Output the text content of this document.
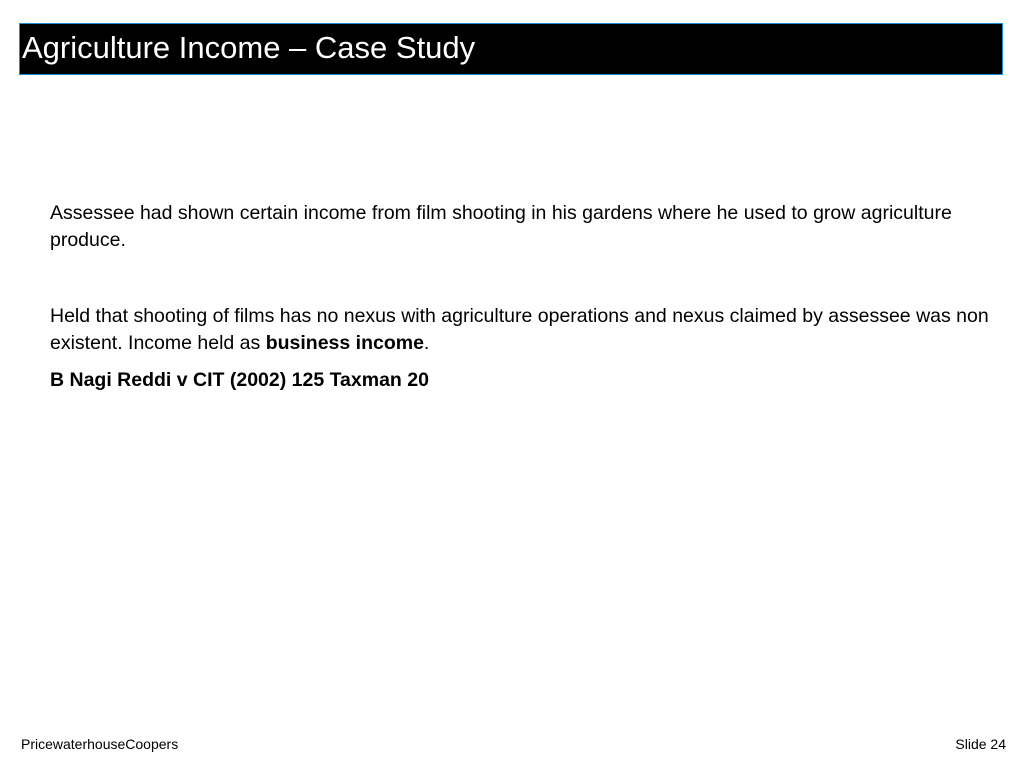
Agriculture Income – Case Study

Assessee had shown certain income from film shooting in his gardens where he used to grow agriculture produce.

Held that shooting of films has no nexus with agriculture operations and nexus claimed by assessee was non existent. Income held as business income.

B Nagi Reddi v CIT (2002) 125 Taxman 20

PricewaterhouseCoopers	Slide 24
